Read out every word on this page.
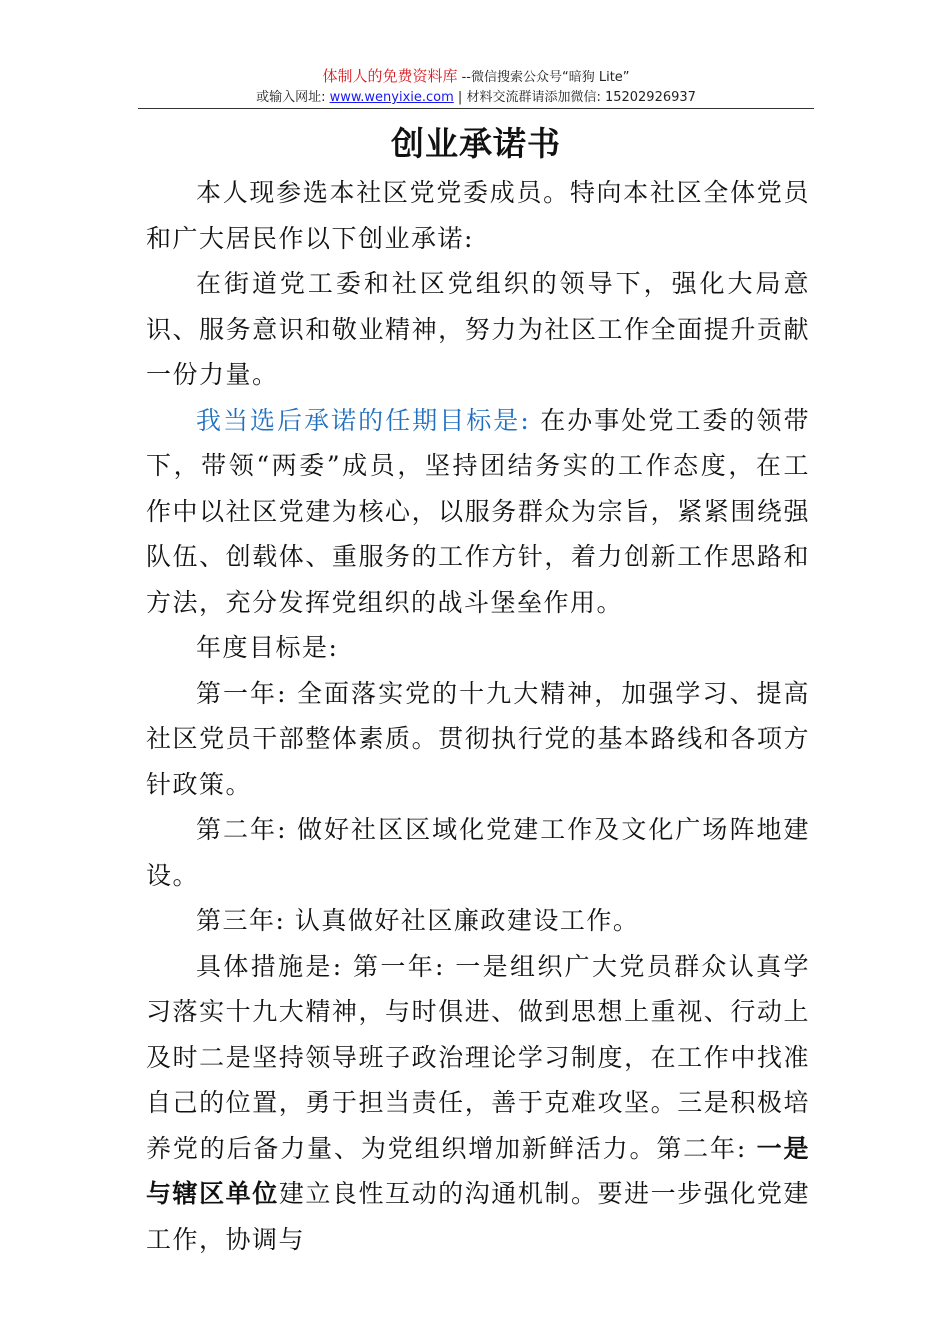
体制人的免费资料库 --微信搜索公众号“暗狗 Lite”
或输入网址: www.wenyixie.com | 材料交流群请添加微信: 15202926937
创业承诺书

本人现参选本社区党党委成员。特向本社区全体党员和广大居民作以下创业承诺:

在街道党工委和社区党组织的领导下，强化大局意识、服务意识和敬业精神，努力为社区工作全面提升贡献一份力量。

我当选后承诺的任期目标是: 在办事处党工委的领带下，带领“两委”成员，坚持团结务实的工作态度，在工作中以社区党建为核心，以服务群众为宗旨，紧紧围绕强队伍、创载体、重服务的工作方针，着力创新工作思路和方法，充分发挥党组织的战斗堡垒作用。

年度目标是:

第一年: 全面落实党的十九大精神，加强学习、提高社区党员干部整体素质。贯彻执行党的基本路线和各项方针政策。

第二年: 做好社区区域化党建工作及文化广场阵地建设。

第三年: 认真做好社区廉政建设工作。

具体措施是: 第一年: 一是组织广大党员群众认真学习落实十九大精神，与时俱进、做到思想上重视、行动上及时二是坚持领导班子政治理论学习制度，在工作中找准自己的位置，勇于担当责任，善于克难攻坚。三是积极培养党的后备力量、为党组织增加新鲜活力。第二年: 一是与辖区单位建立良性互动的沟通机制。要进一步强化党建工作，协调与
